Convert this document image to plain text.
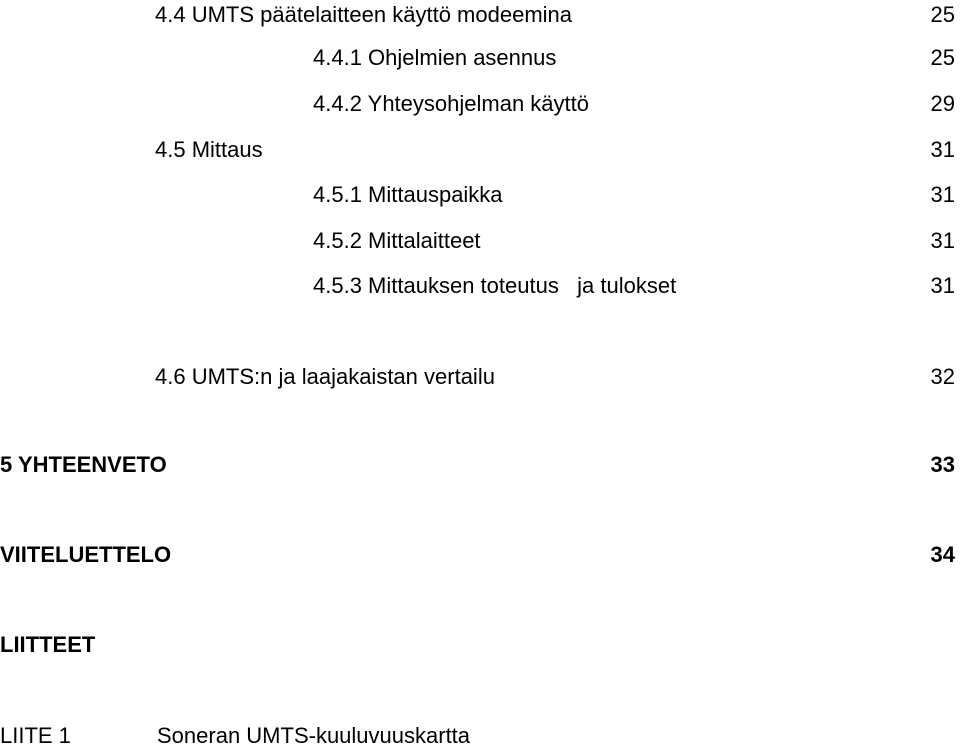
4.4 UMTS päätelaitteen käyttö modeemina	25
4.4.1 Ohjelmien asennus	25
4.4.2 Yhteysohjelman käyttö	29
4.5 Mittaus	31
4.5.1 Mittauspaikka	31
4.5.2 Mittalaitteet	31
4.5.3 Mittauksen toteutus   ja tulokset	31
4.6 UMTS:n ja laajakaistan vertailu	32
5 YHTEENVETO	33
VIITELUETTELO	34
LIITTEET
LIITE 1	Soneran UMTS-kuuluvuuskartta
